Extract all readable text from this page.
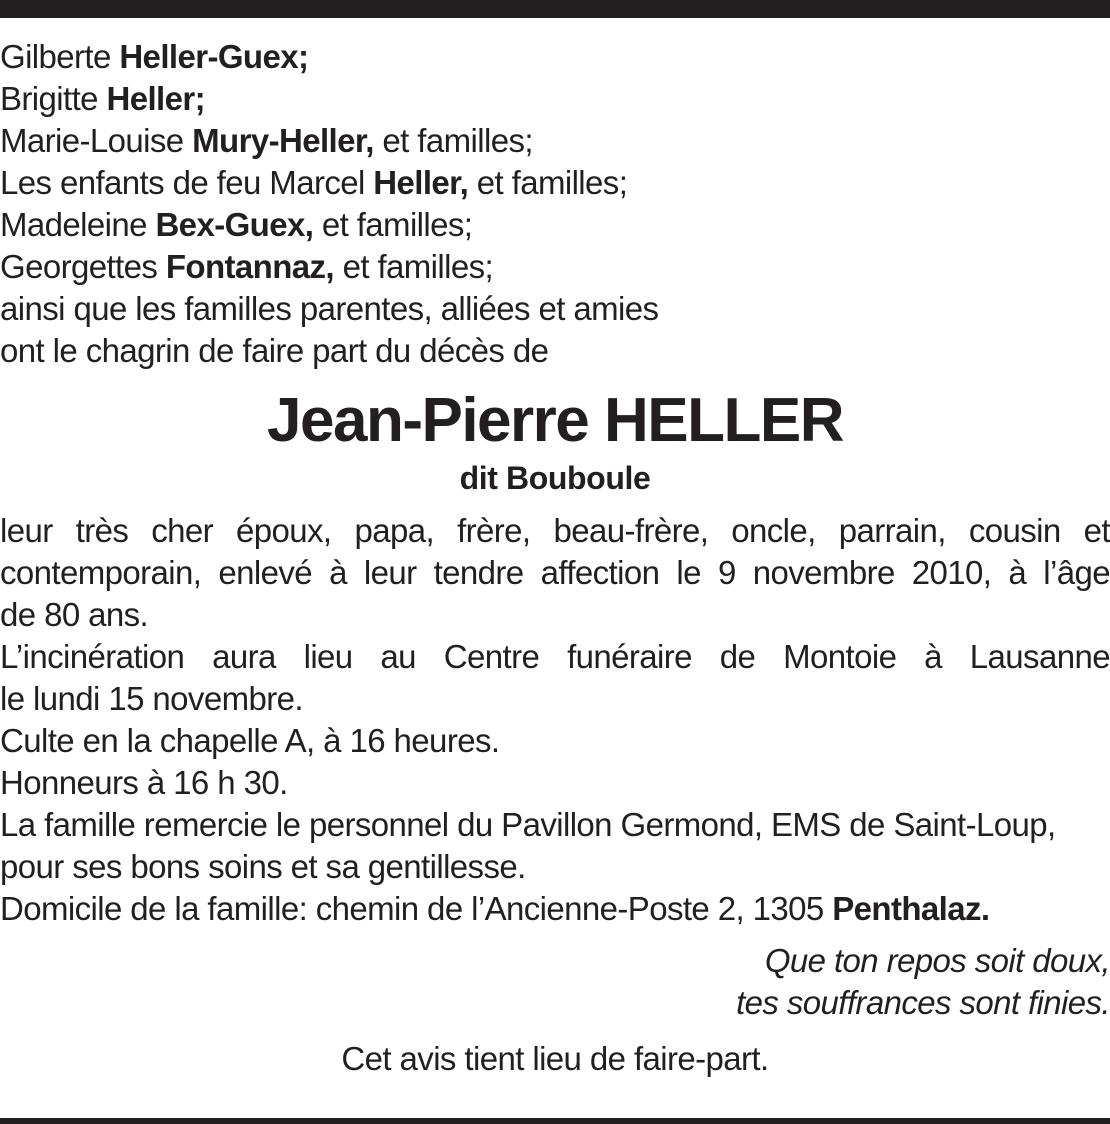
Gilberte Heller-Guex;
Brigitte Heller;
Marie-Louise Mury-Heller, et familles;
Les enfants de feu Marcel Heller, et familles;
Madeleine Bex-Guex, et familles;
Georgettes Fontannaz, et familles;
ainsi que les familles parentes, alliées et amies
ont le chagrin de faire part du décès de
Jean-Pierre HELLER
dit Bouboule
leur très cher époux, papa, frère, beau-frère, oncle, parrain, cousin et
contemporain, enlevé à leur tendre affection le 9 novembre 2010, à l’âge
de 80 ans.
L’incinération aura lieu au Centre funéraire de Montoie à Lausanne
le lundi 15 novembre.
Culte en la chapelle A, à 16 heures.
Honneurs à 16 h 30.
La famille remercie le personnel du Pavillon Germond, EMS de Saint-Loup,
pour ses bons soins et sa gentillesse.
Domicile de la famille: chemin de l’Ancienne-Poste 2, 1305 Penthalaz.
Que ton repos soit doux,
tes souffrances sont finies.
Cet avis tient lieu de faire-part.
